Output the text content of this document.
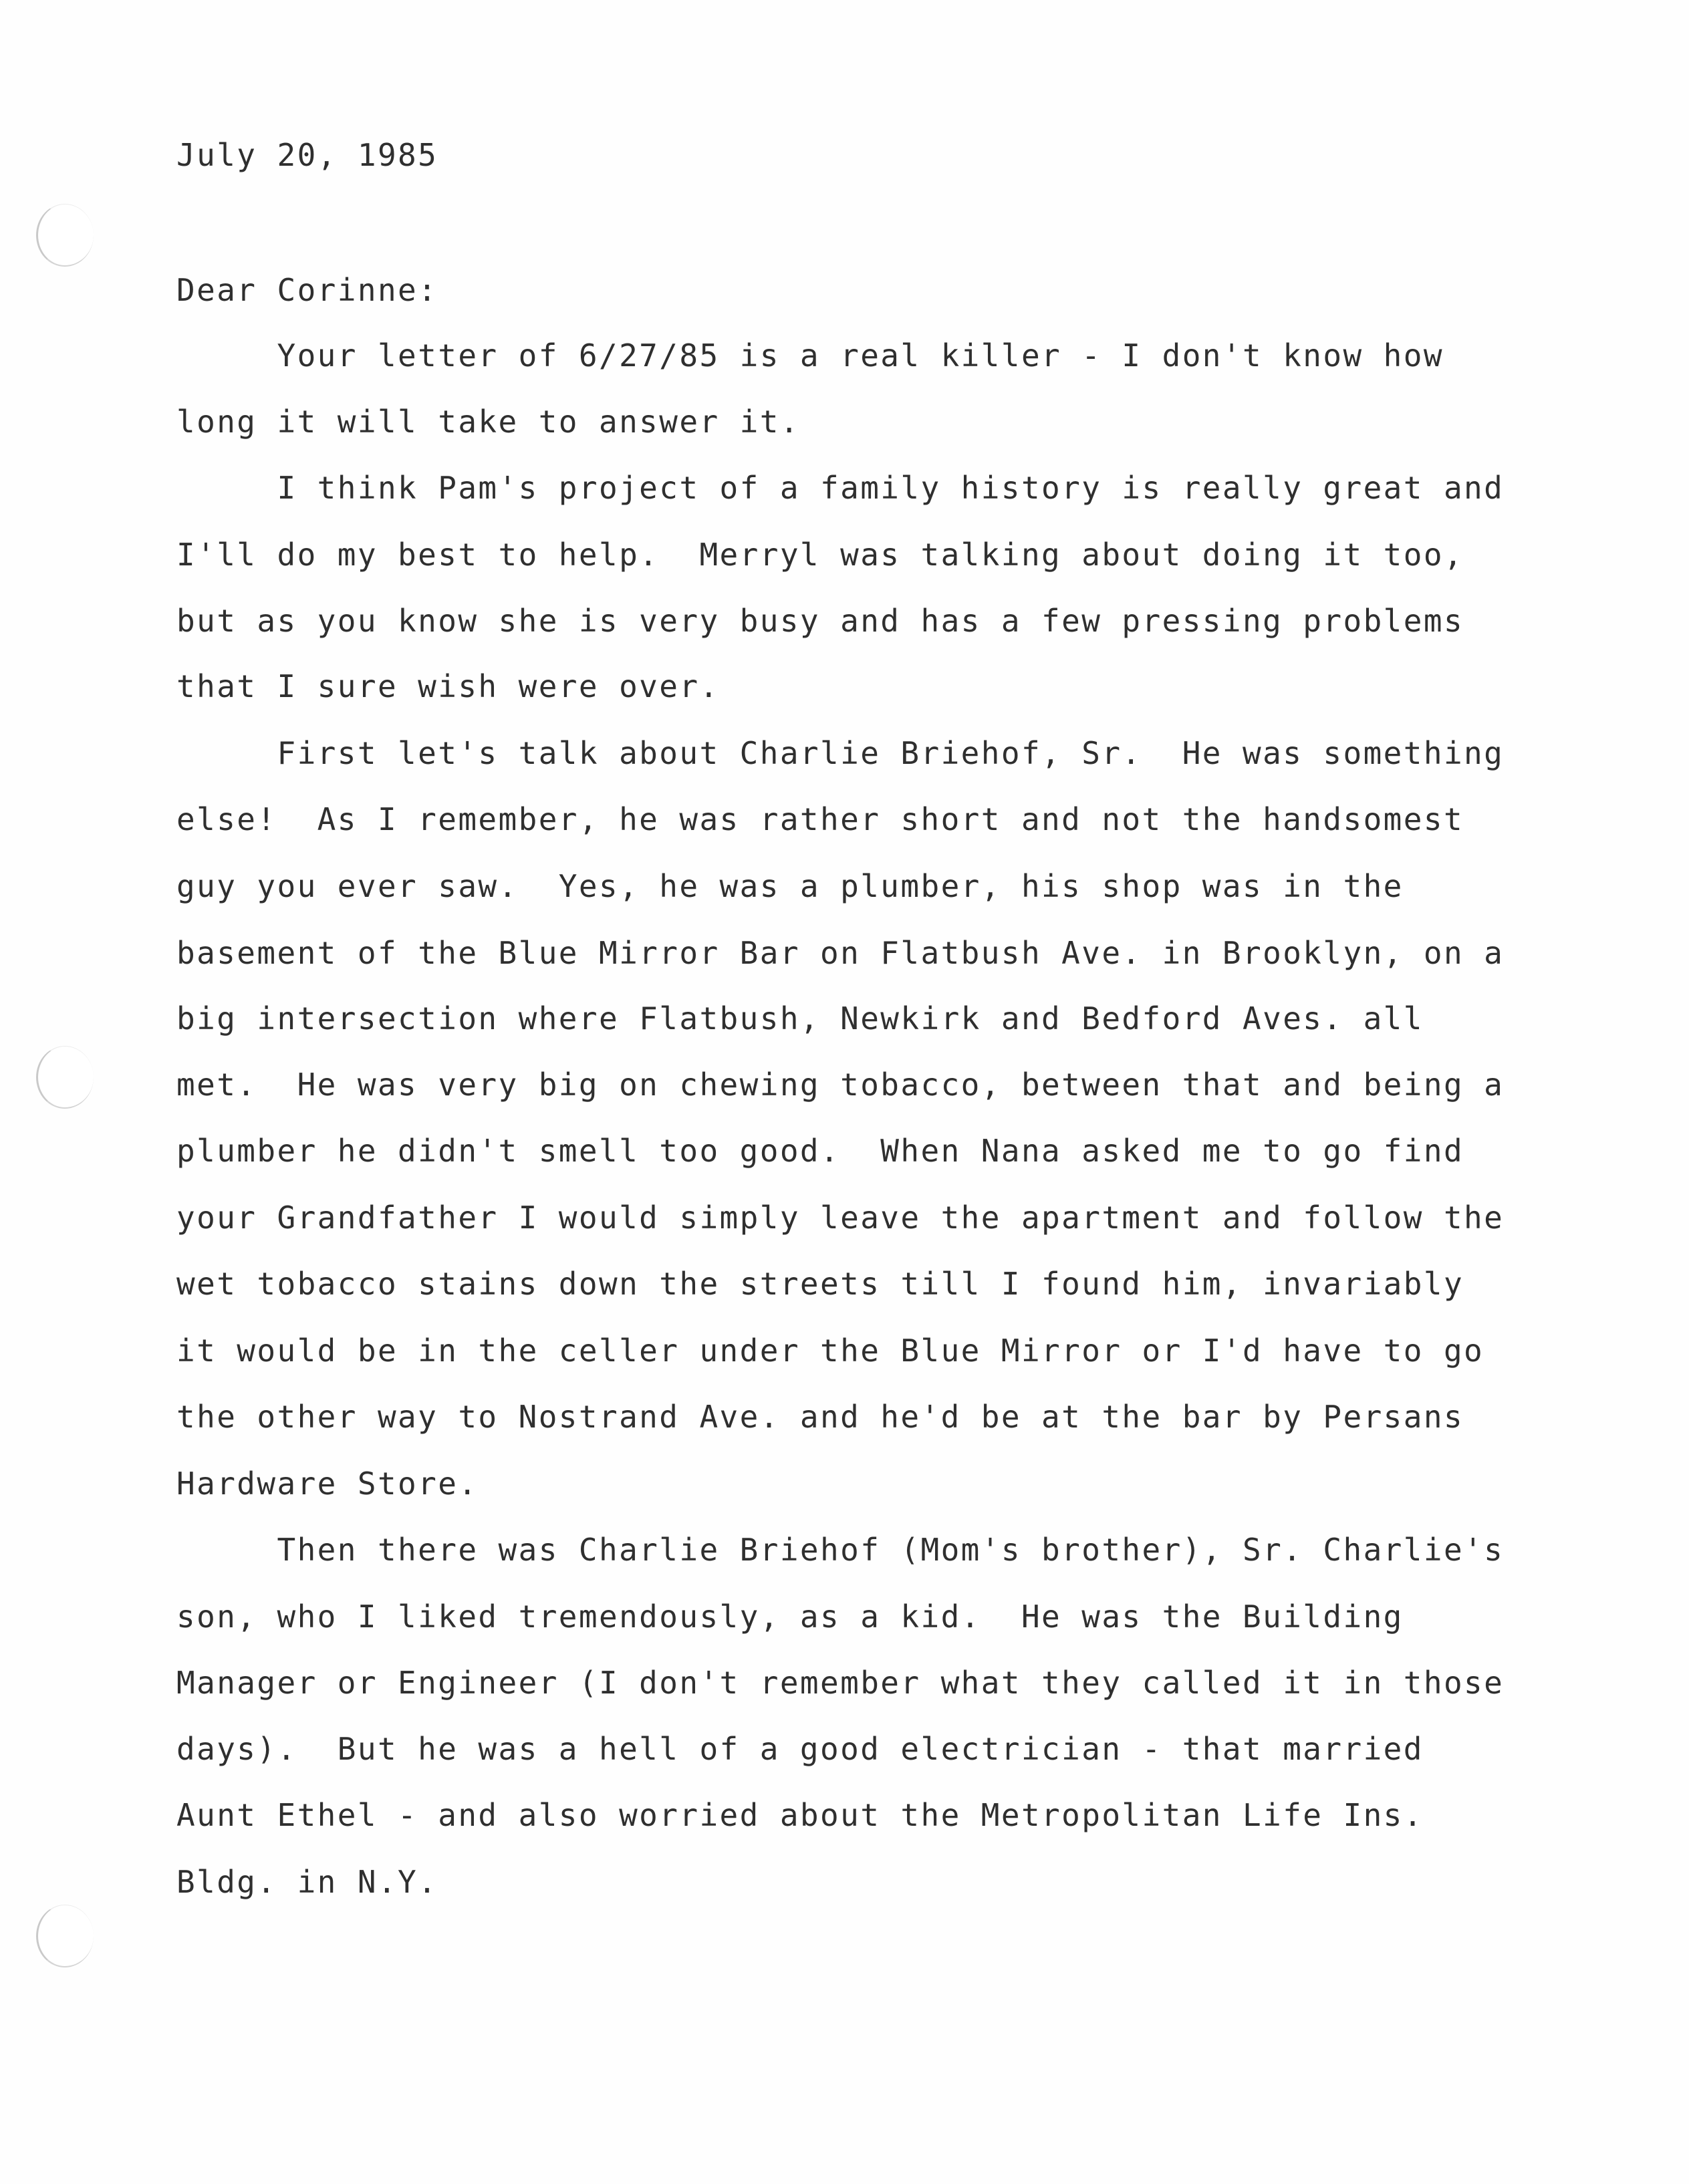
July 20, 1985

Dear Corinne:

Your letter of 6/27/85 is a real killer - I don't know how

long it will take to answer it.

I think Pam's project of a family history is really great and

I'll do my best to help.  Merryl was talking about doing it too,

but as you know she is very busy and has a few pressing problems

that I sure wish were over.

First let's talk about Charlie Briehof, Sr.  He was something

else!  As I remember, he was rather short and not the handsomest

guy you ever saw.  Yes, he was a plumber, his shop was in the

basement of the Blue Mirror Bar on Flatbush Ave. in Brooklyn, on a

big intersection where Flatbush, Newkirk and Bedford Aves. all

met.  He was very big on chewing tobacco, between that and being a

plumber he didn't smell too good.  When Nana asked me to go find

your Grandfather I would simply leave the apartment and follow the

wet tobacco stains down the streets till I found him, invariably

it would be in the celler under the Blue Mirror or I'd have to go

the other way to Nostrand Ave. and he'd be at the bar by Persans

Hardware Store.

Then there was Charlie Briehof (Mom's brother), Sr. Charlie's

son, who I liked tremendously, as a kid.  He was the Building

Manager or Engineer (I don't remember what they called it in those

days).  But he was a hell of a good electrician - that married

Aunt Ethel - and also worried about the Metropolitan Life Ins.

Bldg. in N.Y.
